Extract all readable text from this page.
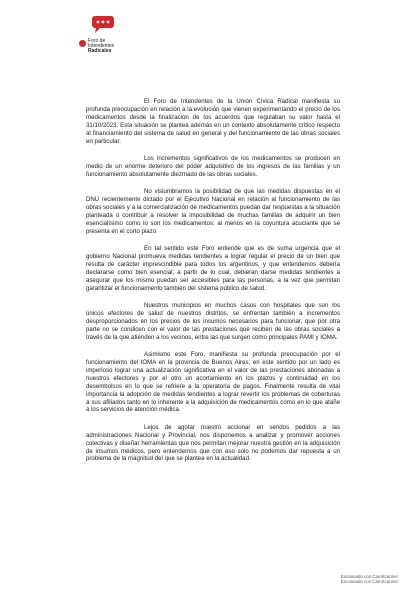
Foro de
Intendentes
Radicales

El Foro de Intendentes de la Unión Cívica Radical manifiesta su profunda preocupación en relación a la evolución que vienen experimentando el precio de los medicamentos desde la finalización de los acuerdos que regulaban su valor hasta el 31/10/2023. Esta situación se plantea además en un contexto absolutamente crítico respecto al financiamiento del sistema de salud en general y del funcionamiento de las obras sociales en particular.

Los incrementos significativos de los medicamentos se producen en medio de un enorme deterioro del poder adquisitivo de los ingresos de las familias y un funcionamiento absolutamente diezmado de las obras sociales.

No vislumbramos la posibilidad de que las medidas dispuestas en el DNU recientemente dictado por el Ejecutivo Nacional en relación al funcionamiento de las obras sociales y a la comercialización de medicamentos puedan dar respuestas a la situación planteada o contribuir a resolver la imposibilidad de muchas familias de adquirir un bien esencialísimo como lo son los medicamentos; al menos en la coyuntura acuciante que se presenta en el corto plazo

En tal sentido este Foro entiende que es de suma urgencia que el gobierno Nacional promueva medidas tendientes a lograr regular el precio de un bien que resulta de carácter imprescindible para todos los argentinos, y que entendemos debería declararse como bien esencial; a partir de lo cual, debieran darse medidas tendientes a asegurar que los mismo puedan ser accesibles para las personas, a la vez que permitan garantizar el funcionamiento también del sistema público de salud.

Nuestros municipios en muchos casos con hospitales que son los únicos efectores de salud de nuestros distritos, se enfrentan también a incrementos desproporcionados en los precios de los insumos necesarios para funcionar, que por otra parte no se condicen con el valor de las prestaciones que reciben de las obras sociales a través de la que atienden a los vecinos, entre las que surgen como principales PAMI y IOMA.

Asimismo este Foro, manifiesta su profunda preocupación por el funcionamiento del IOMA en la provincia de Buenos Aires, en este sentido por un lado es imperioso lograr una actualización significativa en el valor de las prestaciones abonadas a nuestros efectores y por el otro un acortamiento en los plazos y continuidad en los desembolsos en lo que se refriere a la operatoria de pagos. Finalmente resulta de vital importancia la adopción de medidas tendientes a lograr revertir los problemas de coberturas a sus afiliados tanto en lo inherente a la adquisición de medicamentos como en lo que atañe a los servicios de atención médica.

Lejos de agotar nuestro accionar en sendos pedidos a las administraciones Nacional y Provincial, nos disponemos a analizar y promover acciones colectivas y diseñar herramientas que nos permitan mejorar nuestra gestión en la adquisición de insumos médicos, pero entendemos que con eso solo no podemos dar repuesta a un problema de la magnitud del que se plantea en la actualidad.

Escaneado con CamScanner
Escaneado con CamScanner
